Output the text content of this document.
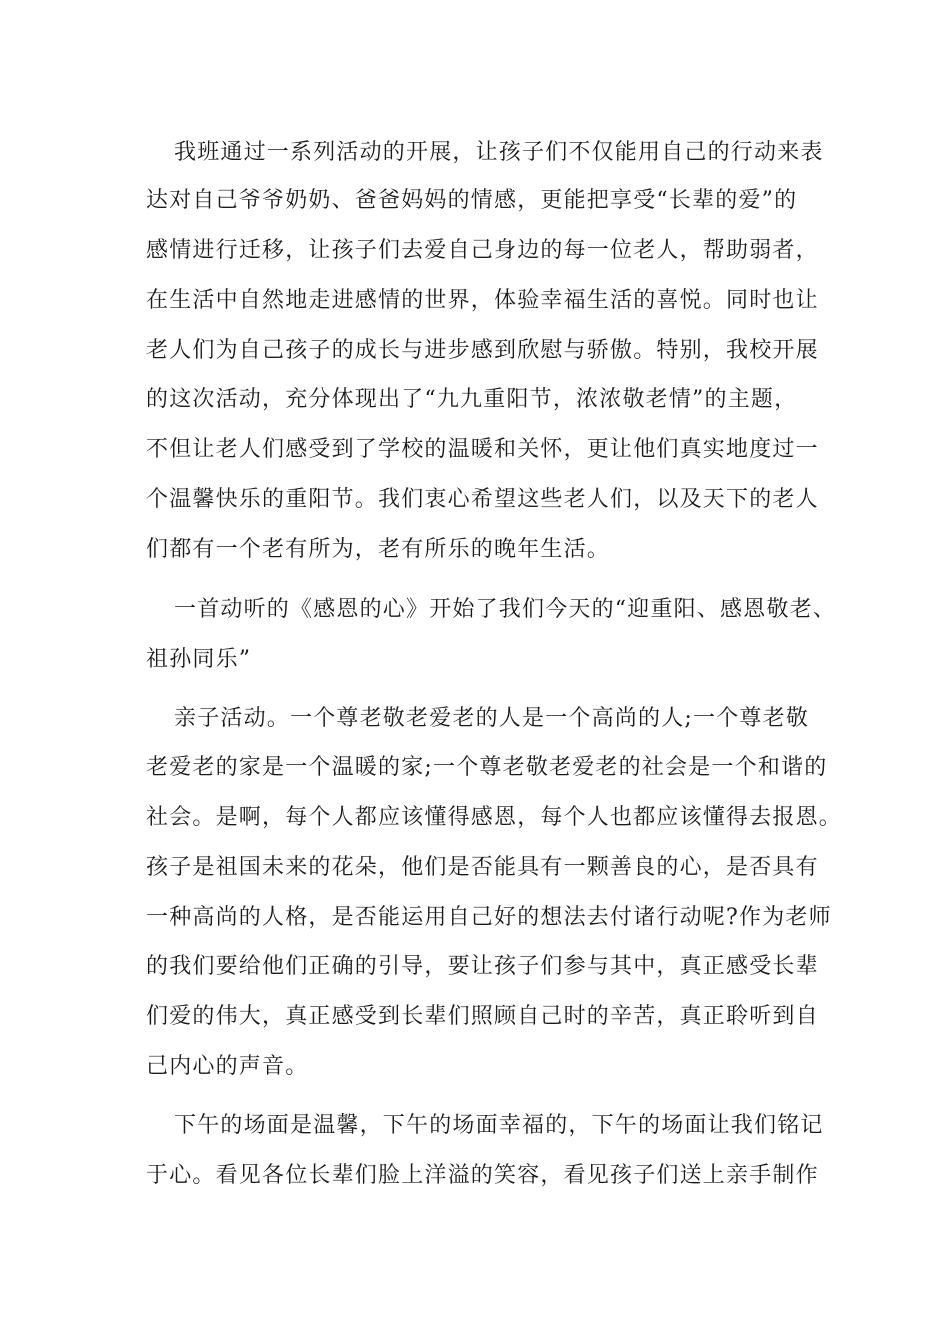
我班通过一系列活动的开展，让孩子们不仅能用自己的行动来表
达对自己爷爷奶奶、爸爸妈妈的情感，更能把享受“长辈的爱”的
感情进行迁移，让孩子们去爱自己身边的每一位老人，帮助弱者，
在生活中自然地走进感情的世界，体验幸福生活的喜悦。同时也让
老人们为自己孩子的成长与进步感到欣慰与骄傲。特别，我校开展
的这次活动，充分体现出了“九九重阳节，浓浓敬老情”的主题，
不但让老人们感受到了学校的温暖和关怀，更让他们真实地度过一
个温馨快乐的重阳节。我们衷心希望这些老人们，以及天下的老人
们都有一个老有所为，老有所乐的晚年生活。
一首动听的《感恩的心》开始了我们今天的“迎重阳、感恩敬老、
祖孙同乐”
亲子活动。一个尊老敬老爱老的人是一个高尚的人;一个尊老敬
老爱老的家是一个温暖的家;一个尊老敬老爱老的社会是一个和谐的
社会。是啊，每个人都应该懂得感恩，每个人也都应该懂得去报恩。
孩子是祖国未来的花朵，他们是否能具有一颗善良的心，是否具有
一种高尚的人格，是否能运用自己好的想法去付诸行动呢?作为老师
的我们要给他们正确的引导，要让孩子们参与其中，真正感受长辈
们爱的伟大，真正感受到长辈们照顾自己时的辛苦，真正聆听到自
己内心的声音。
下午的场面是温馨，下午的场面幸福的，下午的场面让我们铭记
于心。看见各位长辈们脸上洋溢的笑容，看见孩子们送上亲手制作
